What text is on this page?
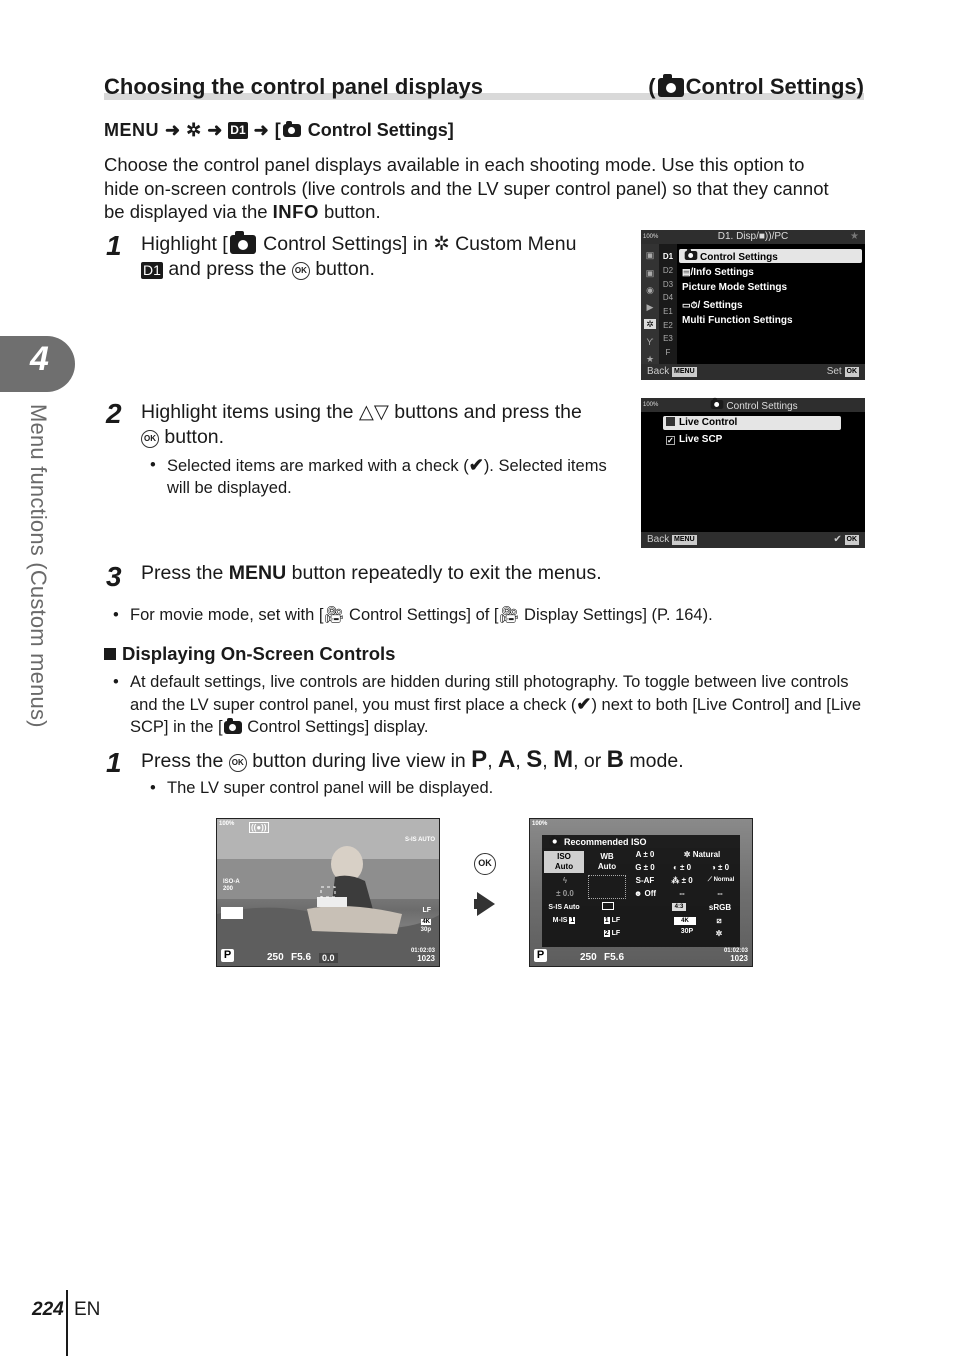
4
Menu functions (Custom menus)
Choosing the control panel displays	( Control Settings)
MENU ➜ ✲ ➜ D1 ➜ [ Control Settings]
Choose the control panel displays available in each shooting mode. Use this option to hide on-screen controls (live controls and the LV super control panel) so that they cannot be displayed via the INFO button.
1 Highlight [ Control Settings] in ✲ Custom Menu
D1 and press the OK button.
100%	D1. Disp/■))/PC	★
▣
▣
◉
▶
✲
ϒ
★
D1
D2
D3
D4
E1
E2
E3
F
Control Settings
▤/Info Settings
Picture Mode Settings
▭⏱/ Settings
Multi Function Settings
Back MENU	Set OK
2 Highlight items using the △▽ buttons and press the
OK button.
• Selected items are marked with a check (✔). Selected items will be displayed.
100%	Control Settings
Live Control
✓ Live SCP
Back MENU	✔ OK
3 Press the MENU button repeatedly to exit the menus.
• For movie mode, set with [🎥︎ Control Settings] of [🎥︎ Display Settings] (P. 164).
Displaying On-Screen Controls
• At default settings, live controls are hidden during still photography. To toggle between live controls and the LV super control panel, you must first place a check (✔) next to both [Live Control] and [Live SCP] in the [ Control Settings] display.
1 Press the OK button during live view in P, A, S, M, or B mode.
• The LV super control panel will be displayed.
100% ((●))
S-IS AUTO
ISO-A
200
LF
4K
30p
P	250 F5.6	0.0
01:02:03
1023
OK
100%
Recommended ISO
ISO
Auto
WB
Auto
A ± 0
G ± 0
✲ Natural
◐ ± 0	◑ ± 0
ϟ
± 0.0
S-AF
☻ Off
⁂ ± 0	⟋ Normal
--	--
S-IS Auto	4:3	sRGB
M-IS 1	1 LF
2 LF
4K
30P
⧄
✲
P	250 F5.6
01:02:03
1023
224 EN
